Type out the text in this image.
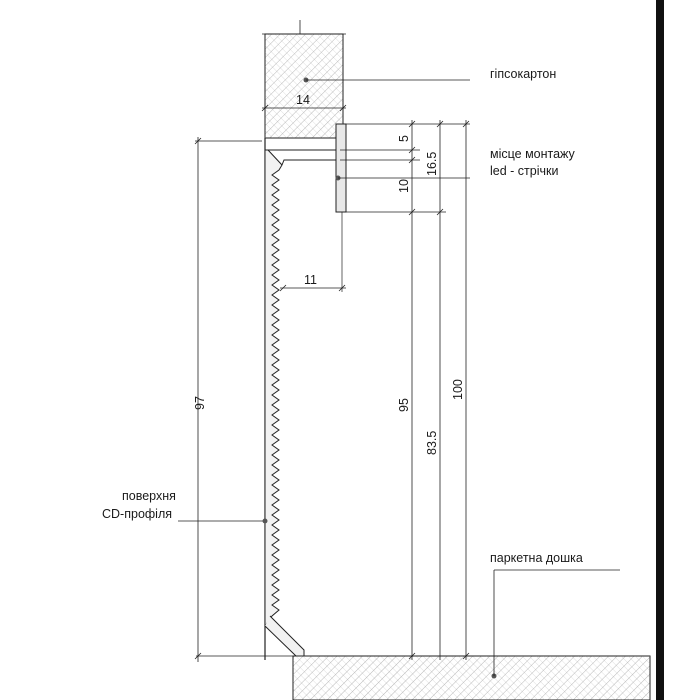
14
гіпсокартон
місце монтажу
led - стрічки
5
10
16.5
100
95
83.5
97
11
поверхня
CD-профіля
паркетна дошка
